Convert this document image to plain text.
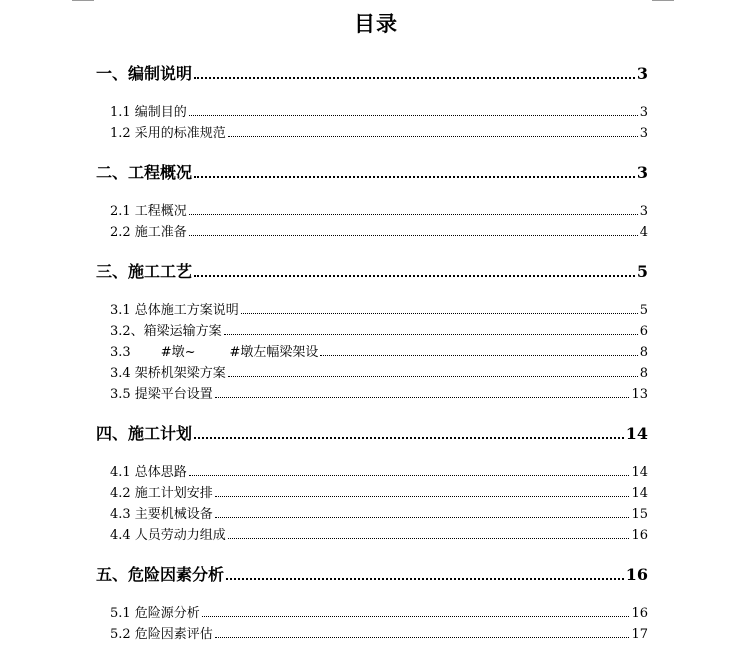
目录
一、编制说明	3
1.1 编制目的	3
1.2 采用的标准规范	3
二、工程概况	3
2.1 工程概况	3
2.2 施工准备	4
三、施工工艺	5
3.1 总体施工方案说明	5
3.2、箱梁运输方案	6
3.3 #墩~	#墩左幅梁架设	8
3.4 架桥机架梁方案	8
3.5 提梁平台设置	13
四、施工计划	14
4.1 总体思路	14
4.2 施工计划安排	14
4.3 主要机械设备	15
4.4 人员劳动力组成	16
五、危险因素分析	16
5.1 危险源分析	16
5.2 危险因素评估	17
